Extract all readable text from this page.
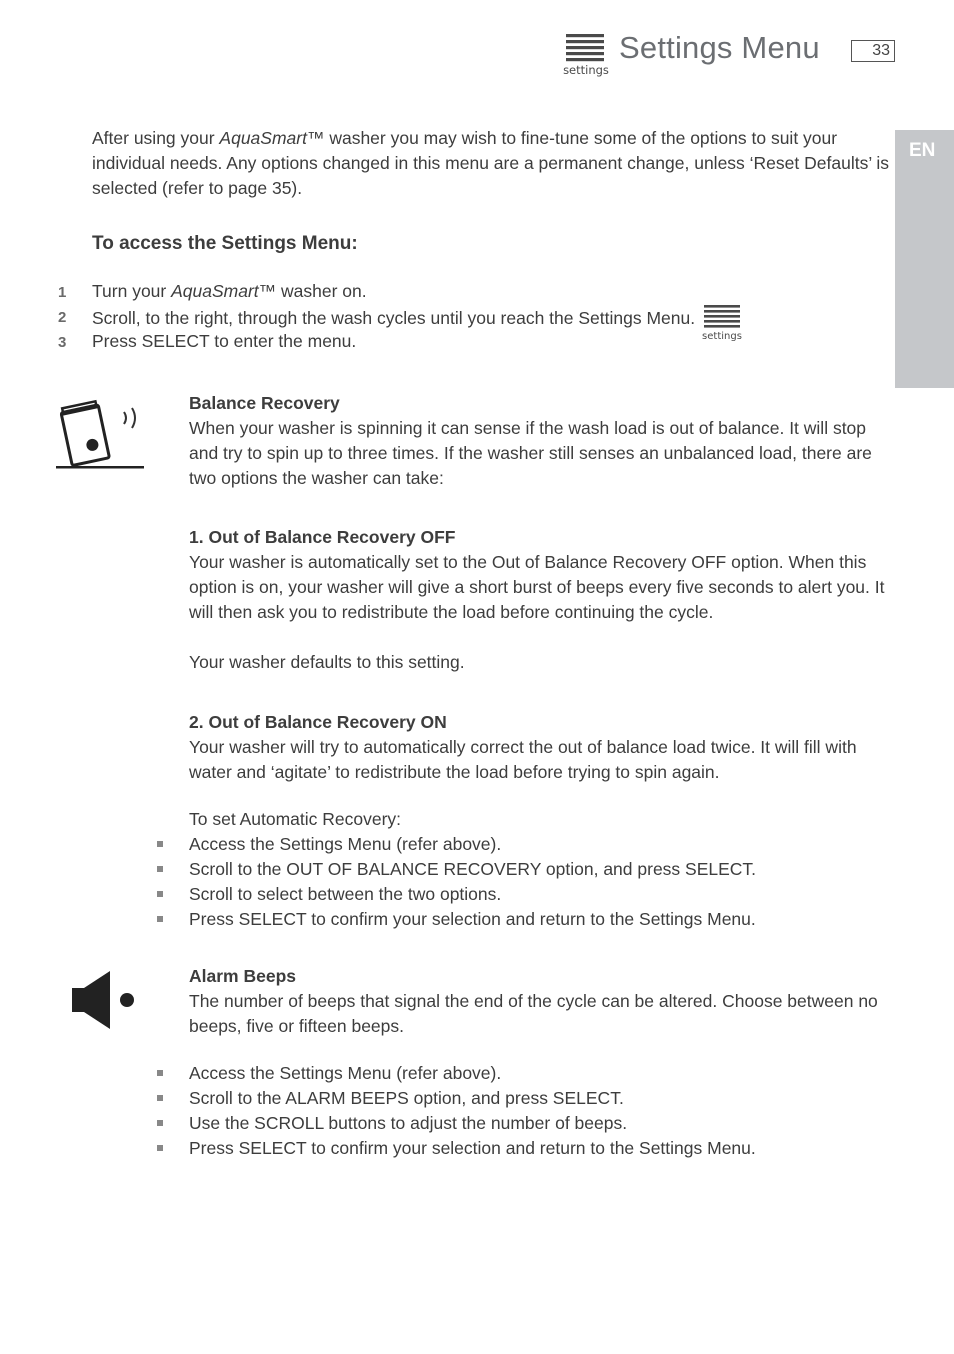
settings
Settings Menu	33
EN

After using your AquaSmart™ washer you may wish to fine-tune some of the options to suit your individual needs. Any options changed in this menu are a permanent change, unless ‘Reset Defaults’ is selected (refer to page 35).

To access the Settings Menu:

1	Turn your AquaSmart™ washer on.
2	Scroll, to the right, through the wash cycles until you reach the Settings Menu.
settings
3	Press SELECT to enter the menu.

Balance Recovery

When your washer is spinning it can sense if the wash load is out of balance. It will stop and try to spin up to three times. If the washer still senses an unbalanced load, there are two options the washer can take:

1. Out of Balance Recovery OFF

Your washer is automatically set to the Out of Balance Recovery OFF option. When this option is on, your washer will give a short burst of beeps every five seconds to alert you. It will then ask you to redistribute the load before continuing the cycle.

Your washer defaults to this setting.

2. Out of Balance Recovery ON

Your washer will try to automatically correct the out of balance load twice. It will fill with water and ‘agitate’ to redistribute the load before trying to spin again.

To set Automatic Recovery:

Access the Settings Menu (refer above).
Scroll to the OUT OF BALANCE RECOVERY option, and press SELECT.
Scroll to select between the two options.
Press SELECT to confirm your selection and return to the Settings Menu.

Alarm Beeps

The number of beeps that signal the end of the cycle can be altered. Choose between no beeps, five or fifteen beeps.

Access the Settings Menu (refer above).
Scroll to the ALARM BEEPS option, and press SELECT.
Use the SCROLL buttons to adjust the number of beeps.
Press SELECT to confirm your selection and return to the Settings Menu.
